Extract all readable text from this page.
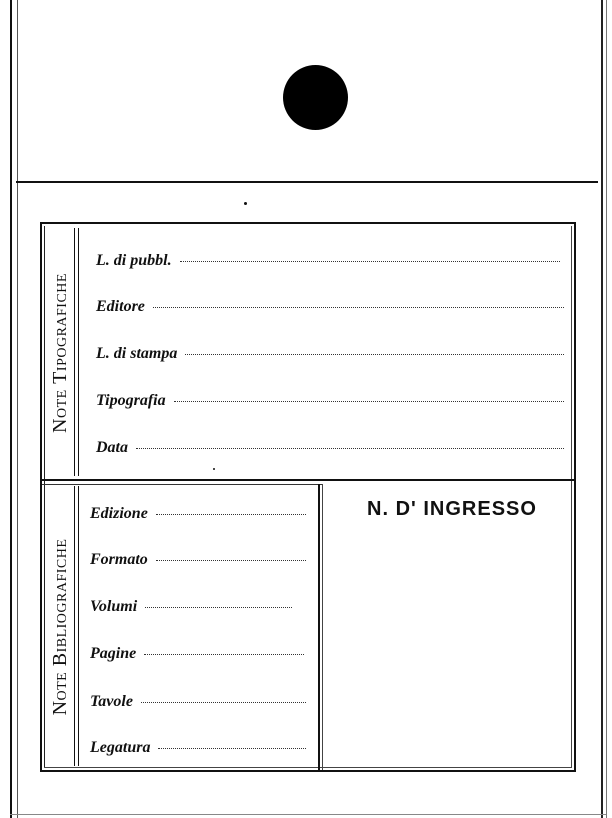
Note Tipografiche
L. di pubbl.
Editore
L. di stampa
Tipografia
Data
Note Bibliografiche
Edizione
Formato
Volumi
Pagine
Tavole
Legatura
N. D' INGRESSO
